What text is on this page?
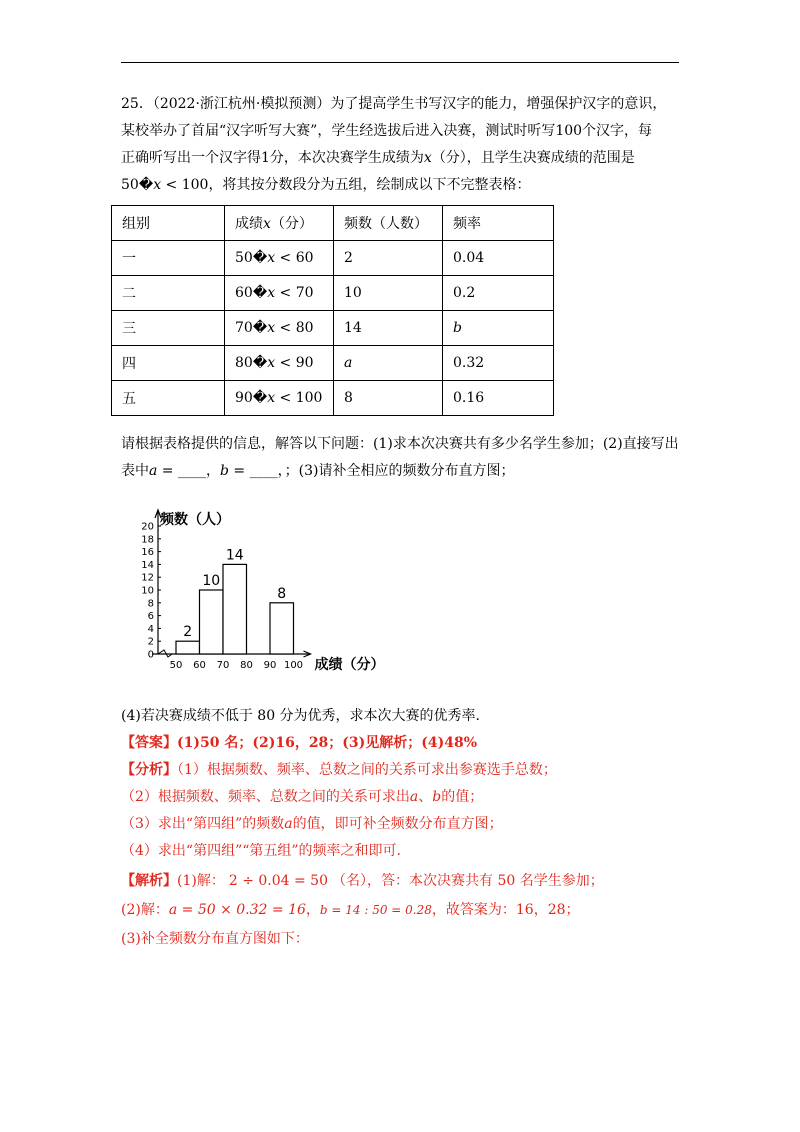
25．（2022·浙江杭州·模拟预测）为了提高学生书写汉字的能力，增强保护汉字的意识，
某校举办了首届“汉字听写大赛”，学生经选拔后进入决赛，测试时听写100个汉字，每
正确听写出一个汉字得1分，本次决赛学生成绩为x（分），且学生决赛成绩的范围是
50�x < 100，将其按分数段分为五组，绘制成以下不完整表格：
组别	成绩x（分）	频数（人数）	频率
一	50�x < 60	2	0.04
二	60�x < 70	10	0.2
三	70�x < 80	14	b
四	80�x < 90	a	0.32
五	90�x < 100	8	0.16
请根据表格提供的信息，解答以下问题：(1)求本次决赛共有多少名学生参加；(2)直接写出
表中a = ____，b = ____，；(3)请补全相应的频数分布直方图；
0
2
4
6
8
10
12
14
16
18
20 频数（人）
50 60 70 80 90 100 成绩（分）
2
10
14
8
(4)若决赛成绩不低于 80 分为优秀，求本次大赛的优秀率.
【答案】(1)50 名；(2)16，28；(3)见解析；(4)48%
【分析】（1）根据频数、频率、总数之间的关系可求出参赛选手总数；
（2）根据频数、频率、总数之间的关系可求出a、b的值；
（3）求出“第四组”的频数a的值，即可补全频数分布直方图；
（4）求出“第四组”“第五组”的频率之和即可.
【解析】(1)解： 2 ÷ 0.04 = 50 （名），答：本次决赛共有 50 名学生参加；
(2)解：a = 50 × 0.32 = 16，b = 14 : 50 = 0.28，故答案为：16，28；
(3)补全频数分布直方图如下：
